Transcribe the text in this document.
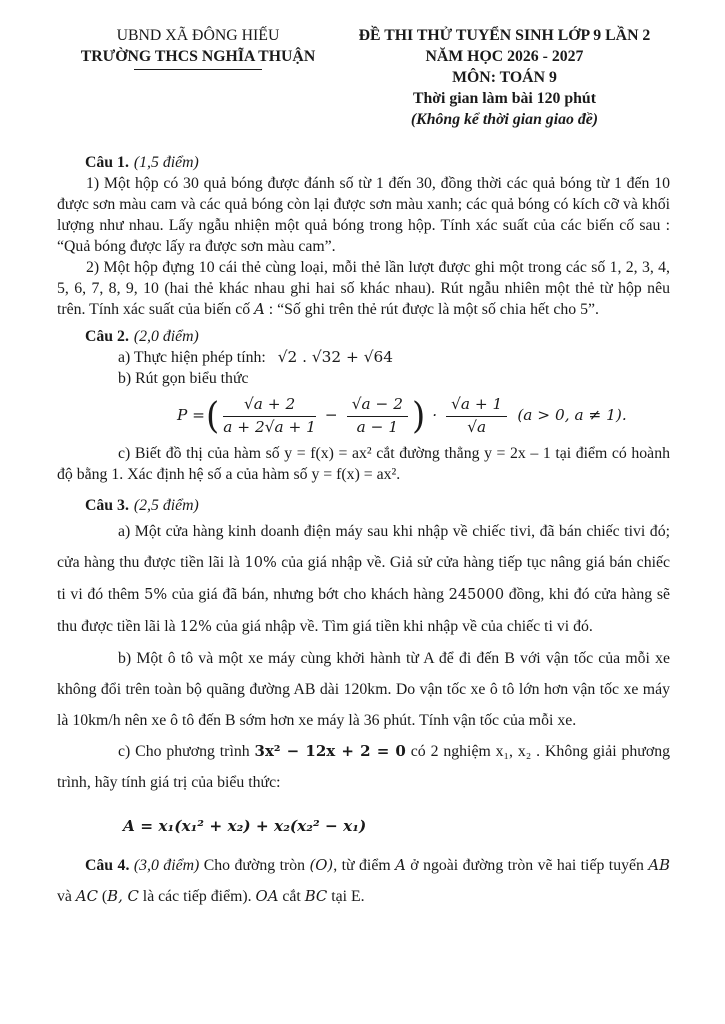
UBND XÃ ĐÔNG HIẾU
TRƯỜNG THCS NGHĨA THUẬN
ĐỀ THI THỬ TUYỂN SINH LỚP 9 LẦN 2
NĂM HỌC 2026 - 2027
MÔN: TOÁN 9
Thời gian làm bài 120 phút
(Không kể thời gian giao đề)
Câu 1. (1,5 điểm)

1) Một hộp có 30 quả bóng được đánh số từ 1 đến 30, đồng thời các quả bóng từ 1 đến 10 được sơn màu cam và các quả bóng còn lại được sơn màu xanh; các quả bóng có kích cỡ và khối lượng như nhau. Lấy ngẫu nhiện một quả bóng trong hộp. Tính xác suất của các biến cố sau : “Quả bóng được lấy ra được sơn màu cam”.

2) Một hộp đựng 10 cái thẻ cùng loại, mỗi thẻ lần lượt được ghi một trong các số 1, 2, 3, 4, 5, 6, 7, 8, 9, 10 (hai thẻ khác nhau ghi hai số khác nhau). Rút ngẫu nhiên một thẻ từ hộp nêu trên. Tính xác suất của biến cố A : “Số ghi trên thẻ rút được là một số chia hết cho 5”.

Câu 2. (2,0 điểm)
a) Thực hiện phép tính: √2 . √32 + √64
b) Rút gọn biểu thức
P = ( $\frac{√a + 2}{a + 2√a + 1} - \frac{√a - 2}{a - 1}$ ) · $\frac{√a + 1}{√a} (a > 0$, a ≠ 1).

c) Biết đồ thị của hàm số y = f(x) = ax² cắt đường thẳng y = 2x – 1 tại điểm có hoành độ bằng 1. Xác định hệ số a của hàm số y = f(x) = ax².

Câu 3. (2,5 điểm)

a) Một cửa hàng kinh doanh điện máy sau khi nhập về chiếc tivi, đã bán chiếc tivi đó; cửa hàng thu được tiền lãi là 10% của giá nhập về. Giả sử cửa hàng tiếp tục nâng giá bán chiếc ti vi đó thêm 5% của giá đã bán, nhưng bớt cho khách hàng 245000 đồng, khi đó cửa hàng sẽ thu được tiền lãi là 12% của giá nhập về. Tìm giá tiền khi nhập về của chiếc ti vi đó.

b) Một ô tô và một xe máy cùng khởi hành từ A để đi đến B với vận tốc của mỗi xe không đổi trên toàn bộ quãng đường AB dài 120km. Do vận tốc xe ô tô lớn hơn vận tốc xe máy là 10km/h nên xe ô tô đến B sớm hơn xe máy là 36 phút. Tính vận tốc của mỗi xe.

c) Cho phương trình 3x² − 12x + 2 = 0 có 2 nghiệm x₁, x₂ . Không giải phương trình, hãy tính giá trị của biểu thức:

A = x₁(x₁² + x₂) + x₂(x₂² − x₁)

Câu 4. (3,0 điểm) Cho đường tròn (O), từ điểm A ở ngoài đường tròn vẽ hai tiếp tuyến AB và AC (B, C là các tiếp điểm). OA cắt BC tại E.
